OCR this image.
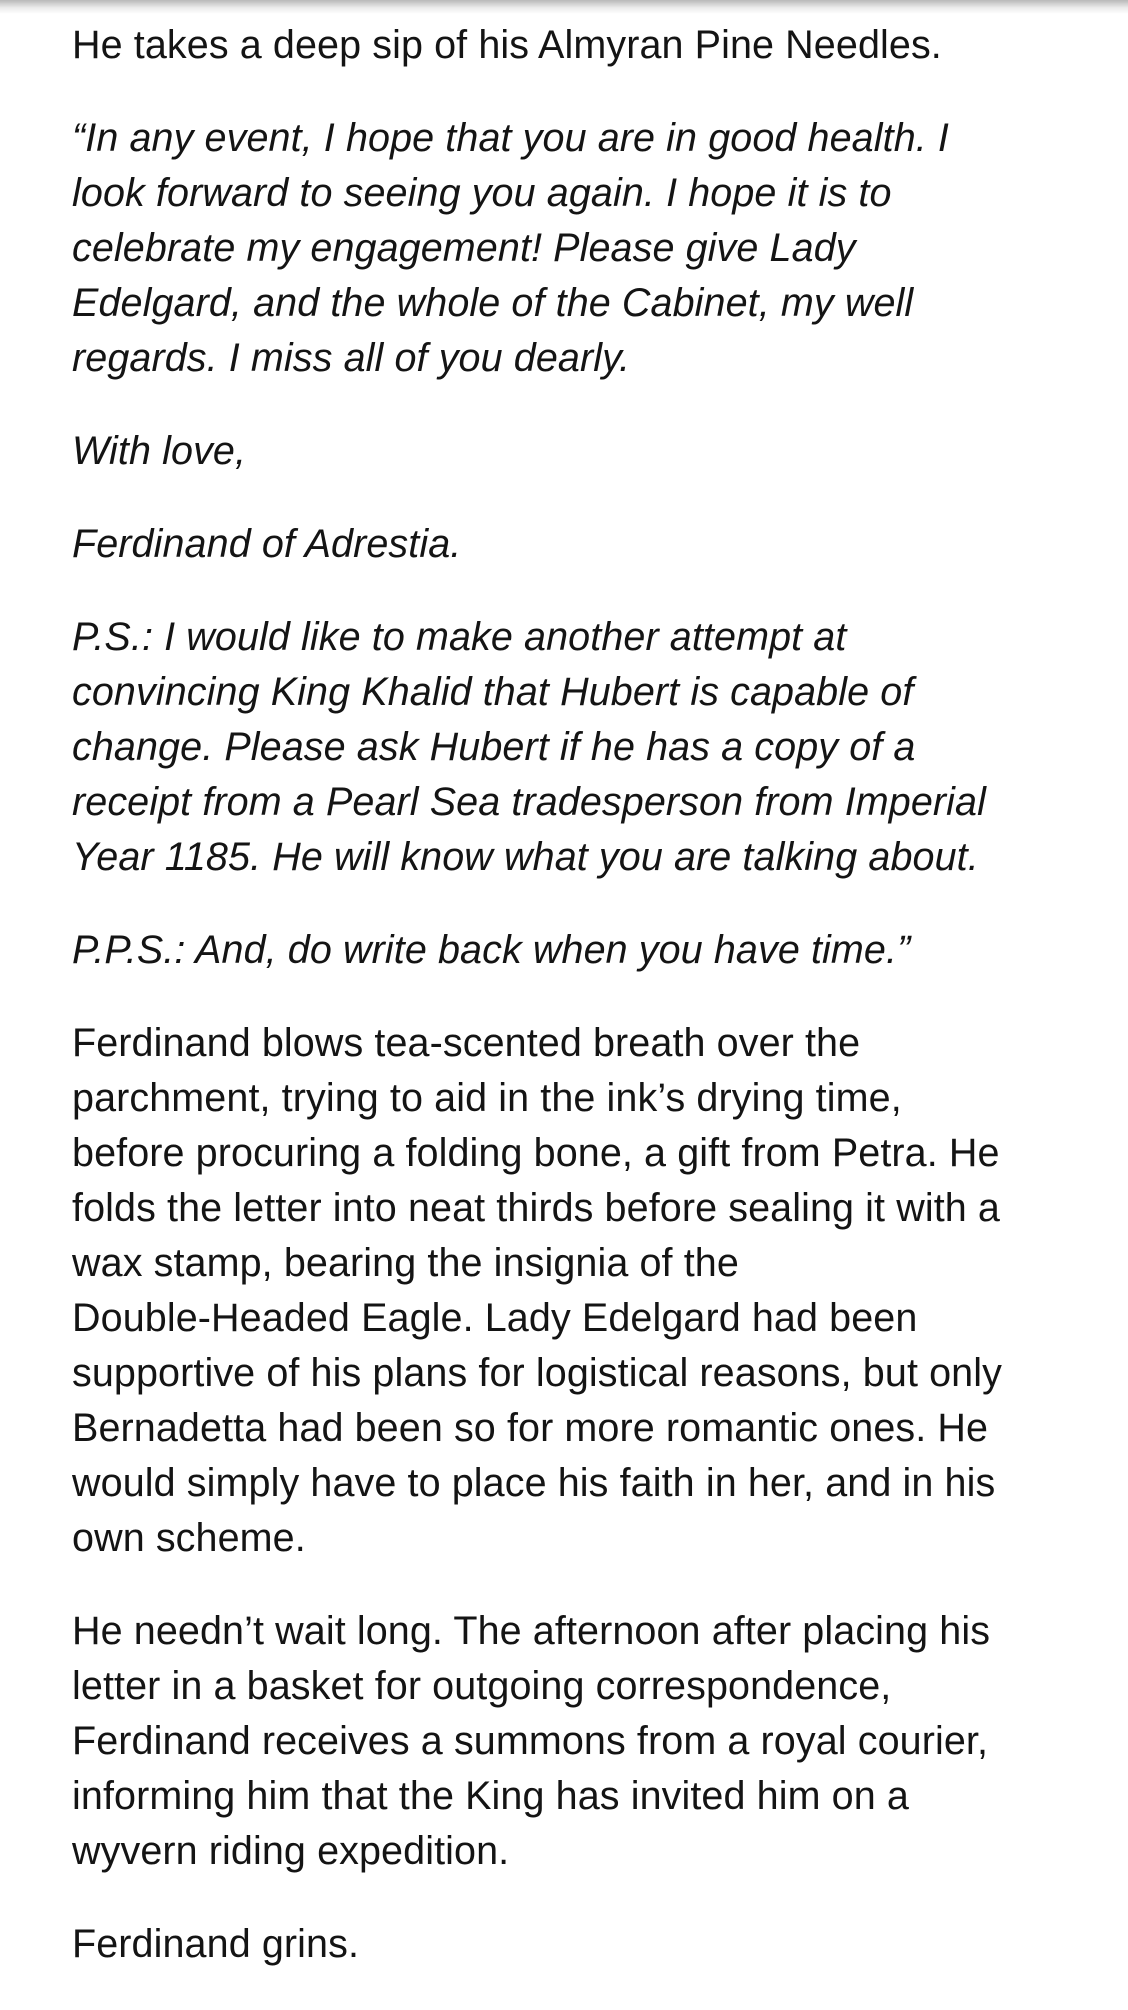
He takes a deep sip of his Almyran Pine Needles.

“In any event, I hope that you are in good health. I
look forward to seeing you again. I hope it is to
celebrate my engagement! Please give Lady
Edelgard, and the whole of the Cabinet, my well
regards. I miss all of you dearly.

With love,

Ferdinand of Adrestia.

P.S.: I would like to make another attempt at
convincing King Khalid that Hubert is capable of
change. Please ask Hubert if he has a copy of a
receipt from a Pearl Sea tradesperson from Imperial
Year 1185. He will know what you are talking about.

P.P.S.: And, do write back when you have time.”

Ferdinand blows tea-scented breath over the
parchment, trying to aid in the ink’s drying time,
before procuring a folding bone, a gift from Petra. He
folds the letter into neat thirds before sealing it with a
wax stamp, bearing the insignia of the
Double-Headed Eagle. Lady Edelgard had been
supportive of his plans for logistical reasons, but only
Bernadetta had been so for more romantic ones. He
would simply have to place his faith in her, and in his
own scheme.

He needn’t wait long. The afternoon after placing his
letter in a basket for outgoing correspondence,
Ferdinand receives a summons from a royal courier,
informing him that the King has invited him on a
wyvern riding expedition.

Ferdinand grins.
